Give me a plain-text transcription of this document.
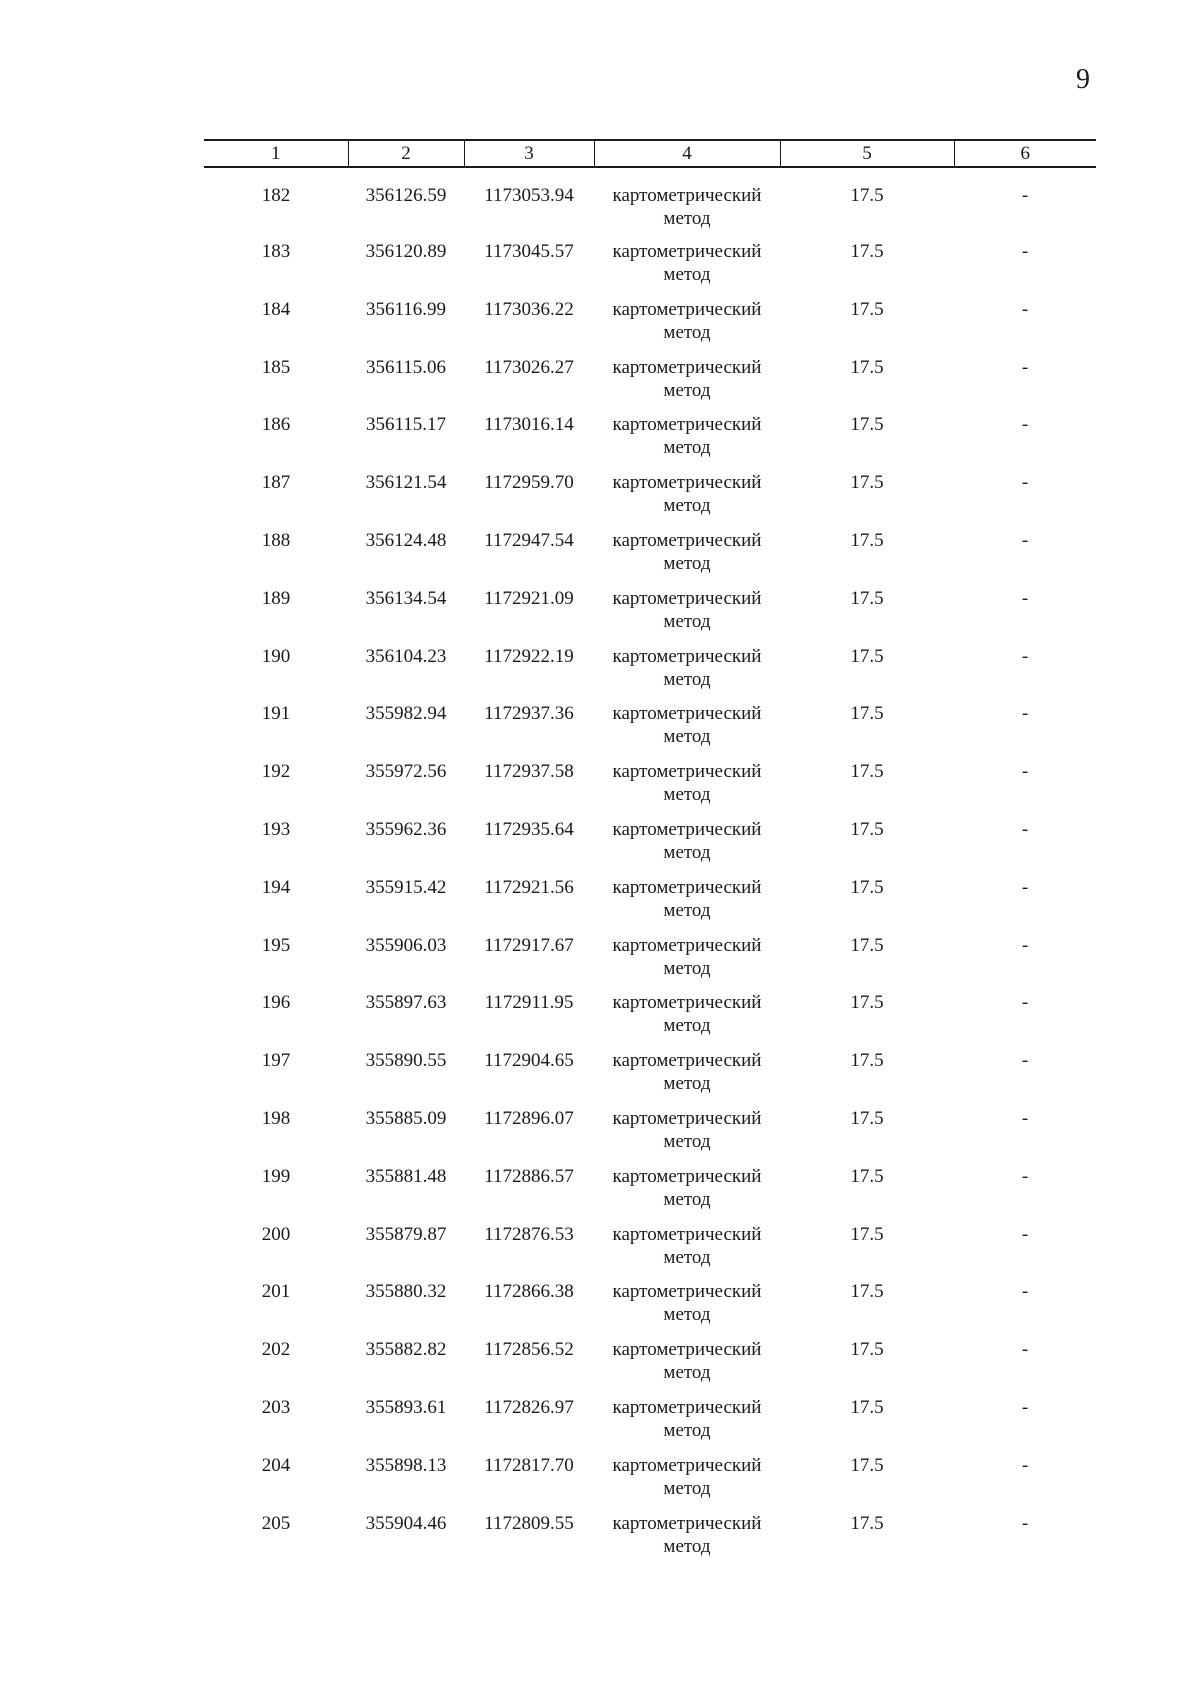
9
1	2	3	4	5	6
182	356126.59	1173053.94	картометрический метод	17.5	-
183	356120.89	1173045.57	картометрический метод	17.5	-
184	356116.99	1173036.22	картометрический метод	17.5	-
185	356115.06	1173026.27	картометрический метод	17.5	-
186	356115.17	1173016.14	картометрический метод	17.5	-
187	356121.54	1172959.70	картометрический метод	17.5	-
188	356124.48	1172947.54	картометрический метод	17.5	-
189	356134.54	1172921.09	картометрический метод	17.5	-
190	356104.23	1172922.19	картометрический метод	17.5	-
191	355982.94	1172937.36	картометрический метод	17.5	-
192	355972.56	1172937.58	картометрический метод	17.5	-
193	355962.36	1172935.64	картометрический метод	17.5	-
194	355915.42	1172921.56	картометрический метод	17.5	-
195	355906.03	1172917.67	картометрический метод	17.5	-
196	355897.63	1172911.95	картометрический метод	17.5	-
197	355890.55	1172904.65	картометрический метод	17.5	-
198	355885.09	1172896.07	картометрический метод	17.5	-
199	355881.48	1172886.57	картометрический метод	17.5	-
200	355879.87	1172876.53	картометрический метод	17.5	-
201	355880.32	1172866.38	картометрический метод	17.5	-
202	355882.82	1172856.52	картометрический метод	17.5	-
203	355893.61	1172826.97	картометрический метод	17.5	-
204	355898.13	1172817.70	картометрический метод	17.5	-
205	355904.46	1172809.55	картометрический метод	17.5	-
